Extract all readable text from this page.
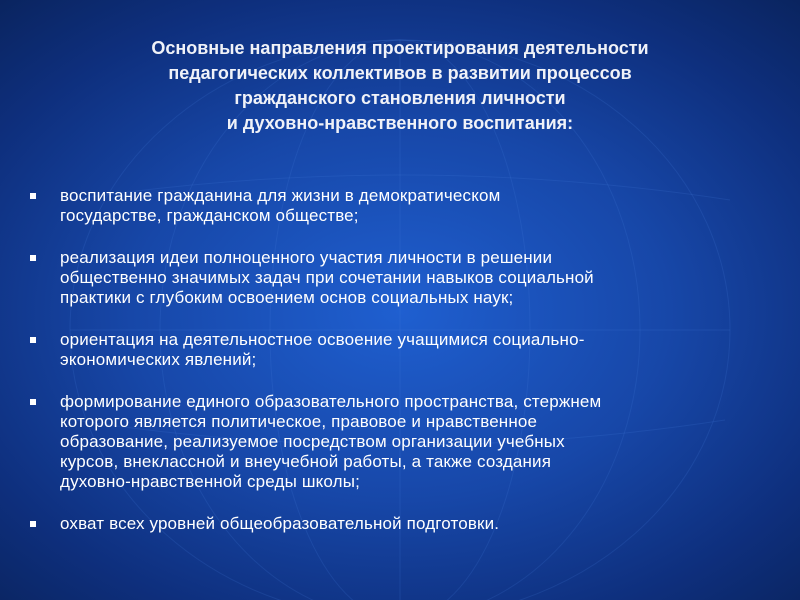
Основные направления проектирования деятельности
педагогических коллективов в развитии процессов
гражданского становления личности
и духовно-нравственного воспитания:
воспитание гражданина для жизни в демократическом
государстве, гражданском обществе;
реализация идеи полноценного участия личности в решении
общественно значимых задач при сочетании навыков социальной
практики с глубоким освоением основ социальных наук;
ориентация на деятельностное освоение учащимися социально-
экономических явлений;
формирование единого образовательного пространства, стержнем
которого является политическое, правовое и нравственное
образование, реализуемое посредством организации учебных
курсов, внеклассной и внеучебной работы, а также создания
духовно-нравственной среды школы;
охват всех уровней общеобразовательной подготовки.
